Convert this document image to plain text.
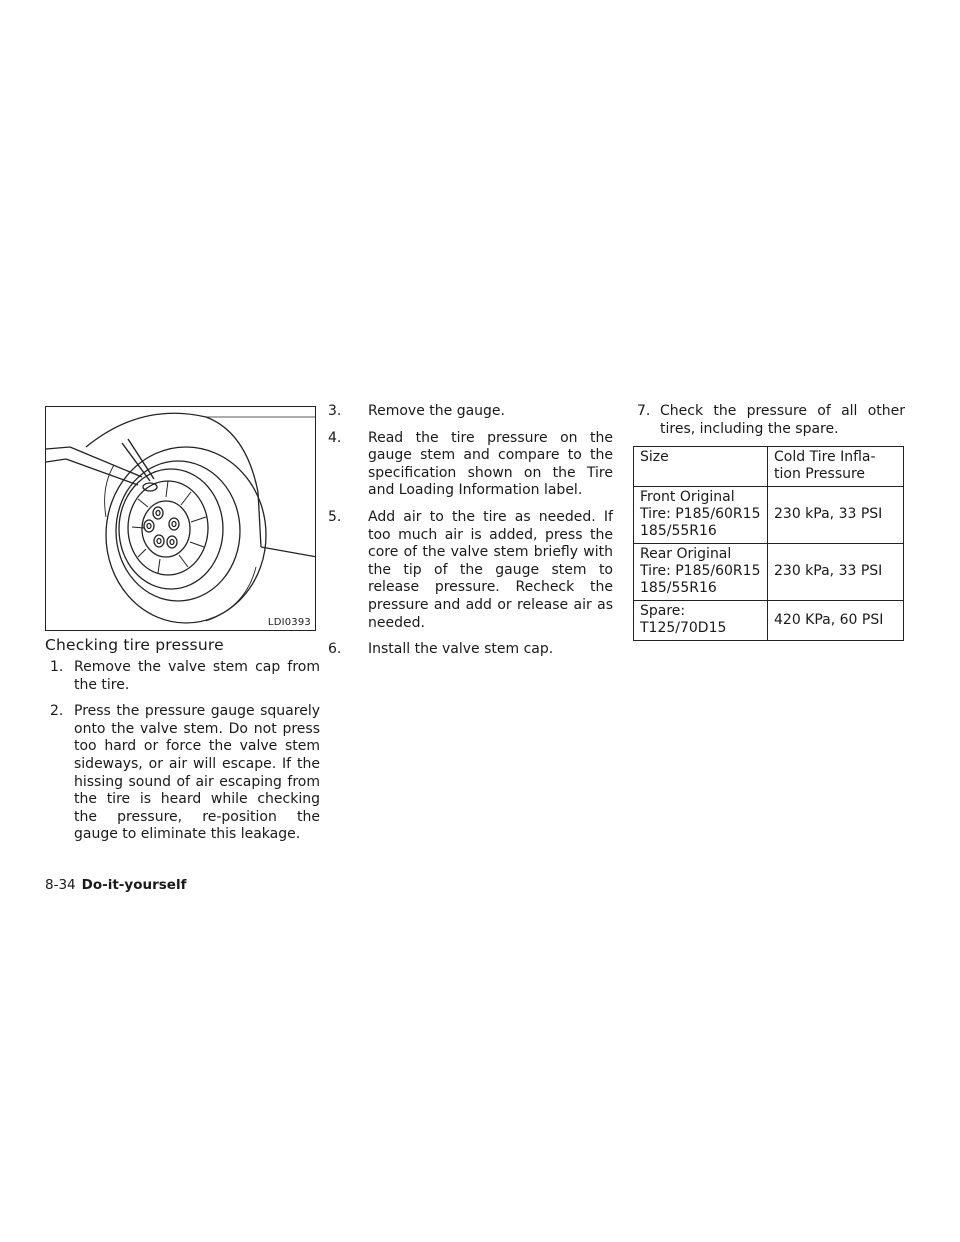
LDI0393
Checking tire pressure
1. Remove the valve stem cap from the tire.
2. Press the pressure gauge squarely onto the valve stem. Do not press too hard or force the valve stem sideways, or air will escape. If the hissing sound of air escaping from the tire is heard while checking the pressure, re-position the gauge to eliminate this leakage.
3. Remove the gauge.
4. Read the tire pressure on the gauge stem and compare to the specification shown on the Tire and Loading Information label.
5. Add air to the tire as needed. If too much air is added, press the core of the valve stem briefly with the tip of the gauge stem to release pressure. Recheck the pressure and add or release air as needed.
6. Install the valve stem cap.
7. Check the pressure of all other tires, including the spare.
Size	Cold Tire Infla-tion Pressure
Front Original Tire: P185/60R15 185/55R16	230 kPa, 33 PSI
Rear Original Tire: P185/60R15 185/55R16	230 kPa, 33 PSI
Spare: T125/70D15	420 KPa, 60 PSI
8-34 Do-it-yourself
